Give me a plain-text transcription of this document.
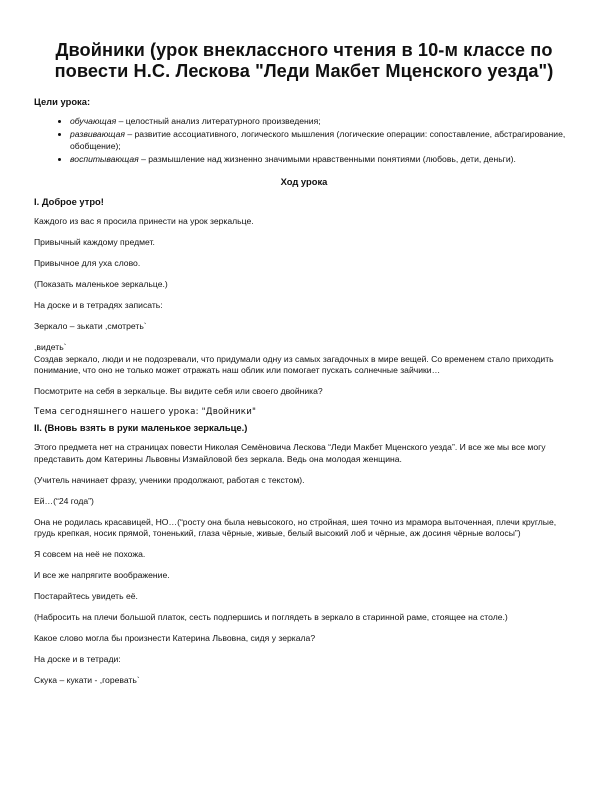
Двойники (урок внеклассного чтения в 10-м классе по повести Н.С. Лескова "Леди Макбет Мценского уезда")
Цели урока:
• обучающая – целостный анализ литературного произведения;
• развивающая – развитие ассоциативного, логического мышления (логические операции: сопоставление, абстрагирование, обобщение);
• воспитывающая – размышление над жизненно значимыми нравственными понятиями (любовь, дети, деньги).
Ход урока
I. Доброе утро!

Каждого из вас я просила принести на урок зеркальце.

Привычный каждому предмет.

Привычное для уха слово.

(Показать маленькое зеркальце.)

На доске и в тетрадях записать:

Зеркало – зькати ,смотреть`

,видеть`

Создав зеркало, люди и не подозревали, что придумали одну из самых загадочных в мире вещей. Со временем стало приходить понимание, что оно не только может отражать наш облик или помогает пускать солнечные зайчики…

Посмотрите на себя в зеркальце. Вы видите себя или своего двойника?

Тема сегодняшнего нашего урока: "Двойники"
II. (Вновь взять в руки маленькое зеркальце.)

Этого предмета нет на страницах повести Николая Семёновича Лескова “Леди Макбет Мценского уезда”. И все же мы все могу представить дом Катерины Львовны Измайловой без зеркала. Ведь она молодая женщина.

(Учитель начинает фразу, ученики продолжают, работая с текстом).

Ей…(“24 года”)

Она не родилась красавицей, НО…(“росту она была невысокого, но стройная, шея точно из мрамора выточенная, плечи круглые, грудь крепкая, носик прямой, тоненький, глаза чёрные, живые, белый высокий лоб и чёрные, аж досиня чёрные волосы”)

Я совсем на неё не похожа.

И все же напрягите воображение.

Постарайтесь увидеть её.

(Набросить на плечи большой платок, сесть подпершись и поглядеть в зеркало в старинной раме, стоящее на столе.)

Какое слово могла бы произнести Катерина Львовна, сидя у зеркала?

На доске и в тетради:

Скука – кукати - ,горевать`
